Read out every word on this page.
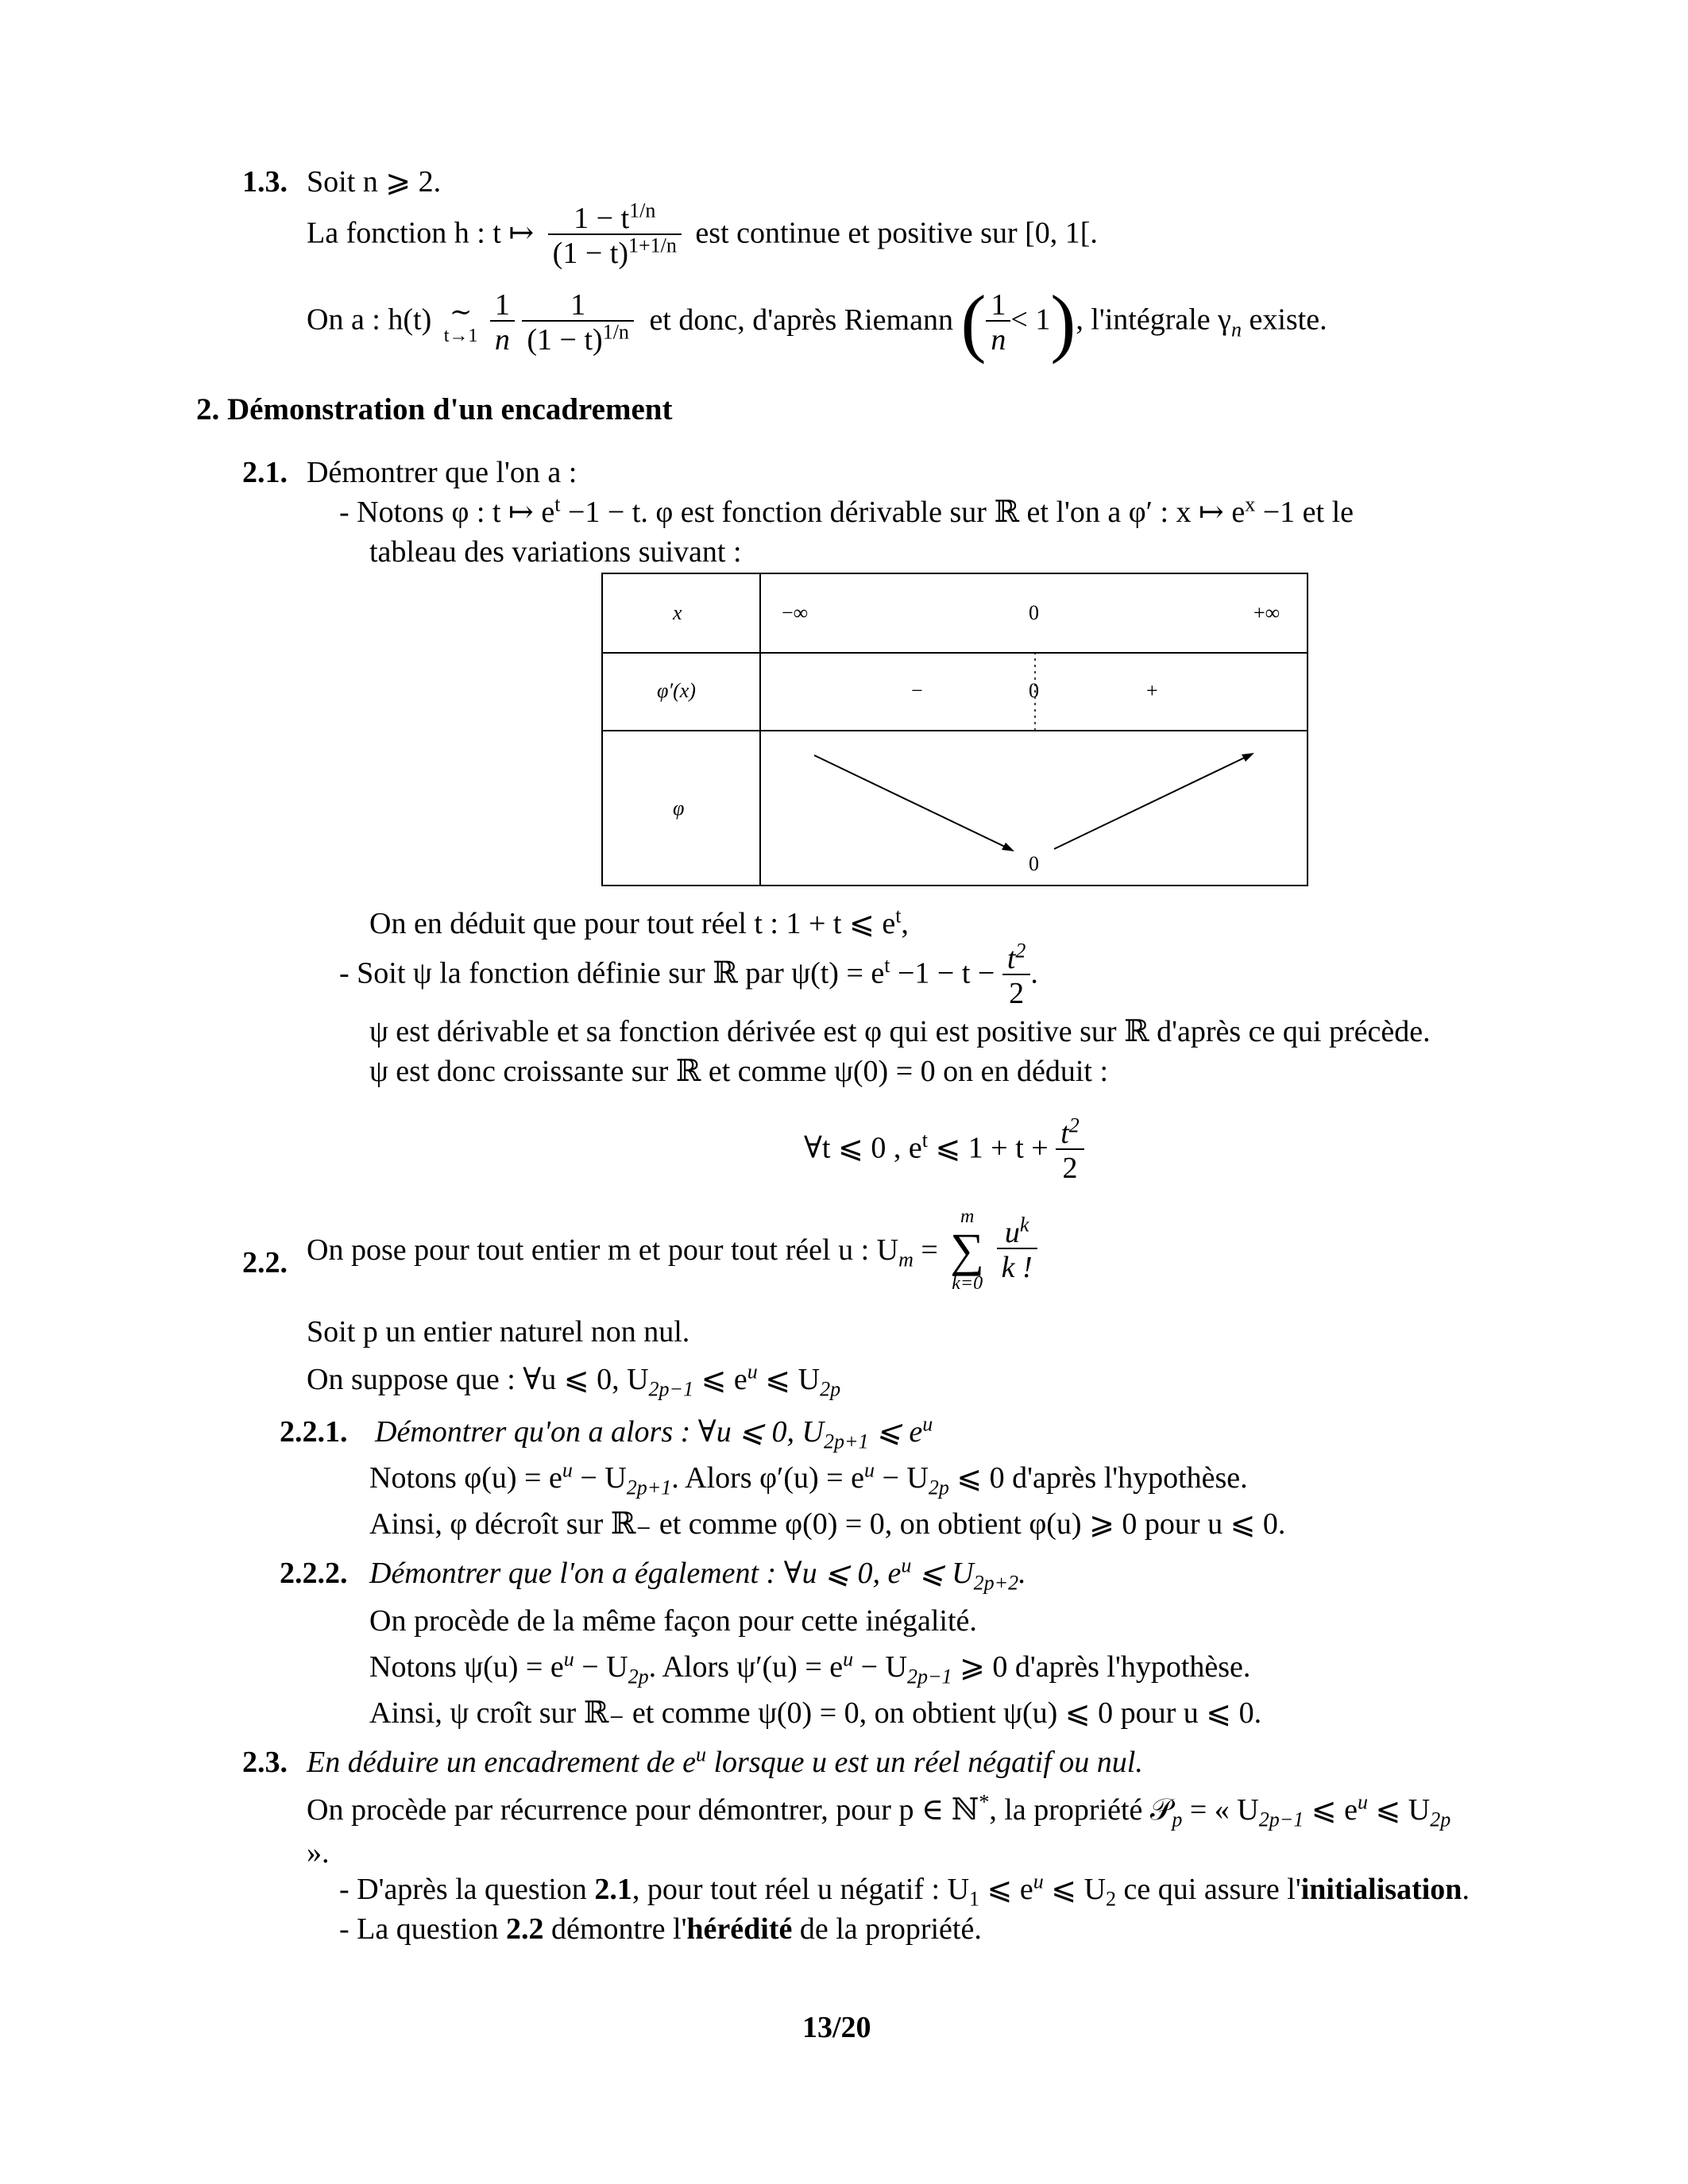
1.3. Soit n ⩾ 2.
La fonction h : t ↦ $\frac{1 - t^{1/n}}{(1 - t)^{1+1/n}}$ est continue et positive sur [0, 1[.
On a : h(t) ∼
t→1
$\frac{1}{n}$
$\frac{1}{(1 - t)^{1/n}}$ et donc, d'après Riemann ( $\frac{1}{n} < 1$), l'intégrale $\gamma_n$ existe.
2. Démonstration d'un encadrement
2.1. Démontrer que l'on a :
- Notons φ : t ↦ $e^t -1 - t$. φ est fonction dérivable sur ℝ et l'on a φ′ : x ↦ $e^x -1$ et le
tableau des variations suivant :
x	−∞	0	+∞
φ′(x)	−	0	+
φ
0
On en déduit que pour tout réel t : 1 + t ⩽ $e^t$,
- Soit ψ la fonction définie sur ℝ par $\psi(t) = e^t -1 - t - \frac{t^2}{2}$ .
ψ est dérivable et sa fonction dérivée est φ qui est positive sur ℝ d'après ce qui précède.
ψ est donc croissante sur ℝ et comme ψ(0) = 0 on en déduit :
∀t ⩽ 0 , $e^t$ ⩽ $1 + t + \frac{t^2}{2}$
2.2. On pose pour tout entier m et pour tout réel u : $U_m$ =
m
∑
k=0

$\frac{u^k}{k !}$
Soit p un entier naturel non nul.
On suppose que : ∀u ⩽ 0, $U_{2p-1}$ ⩽ $e^u$ ⩽ $U_{2p}$
2.2.1. Démontrer qu'on a alors : ∀u ⩽ 0, $U_{2p+1}$ ⩽ $e^u$
Notons $\varphi(u) = e^u - U_{2p+1}$. Alors $\varphi'(u) = e^u - U_{2p}$ ⩽ 0 d'après l'hypothèse.
Ainsi, φ décroît sur ℝ₋ et comme φ(0) = 0, on obtient φ(u) ⩾ 0 pour u ⩽ 0.
2.2.2. Démontrer que l'on a également : ∀u ⩽ 0, $e^u$ ⩽ $U_{2p+2}$.
On procède de la même façon pour cette inégalité.
Notons $\psi(u) = e^u - U_{2p}$. Alors $\psi'(u) = e^u - U_{2p-1}$ ⩾ 0 d'après l'hypothèse.
Ainsi, ψ croît sur ℝ₋ et comme ψ(0) = 0, on obtient ψ(u) ⩽ 0 pour u ⩽ 0.
2.3. En déduire un encadrement de $e^u$ lorsque u est un réel négatif ou nul.
On procède par récurrence pour démontrer, pour p ∈ ℕ*, la propriété 𝒫$_p$ = « $U_{2p-1}$ ⩽ $e^u$ ⩽ $U_{2p}$
».
- D'après la question 2.1, pour tout réel u négatif : $U_1$ ⩽ $e^u$ ⩽ $U_2$ ce qui assure l'initialisation.
- La question 2.2 démontre l'hérédité de la propriété.
13/20
